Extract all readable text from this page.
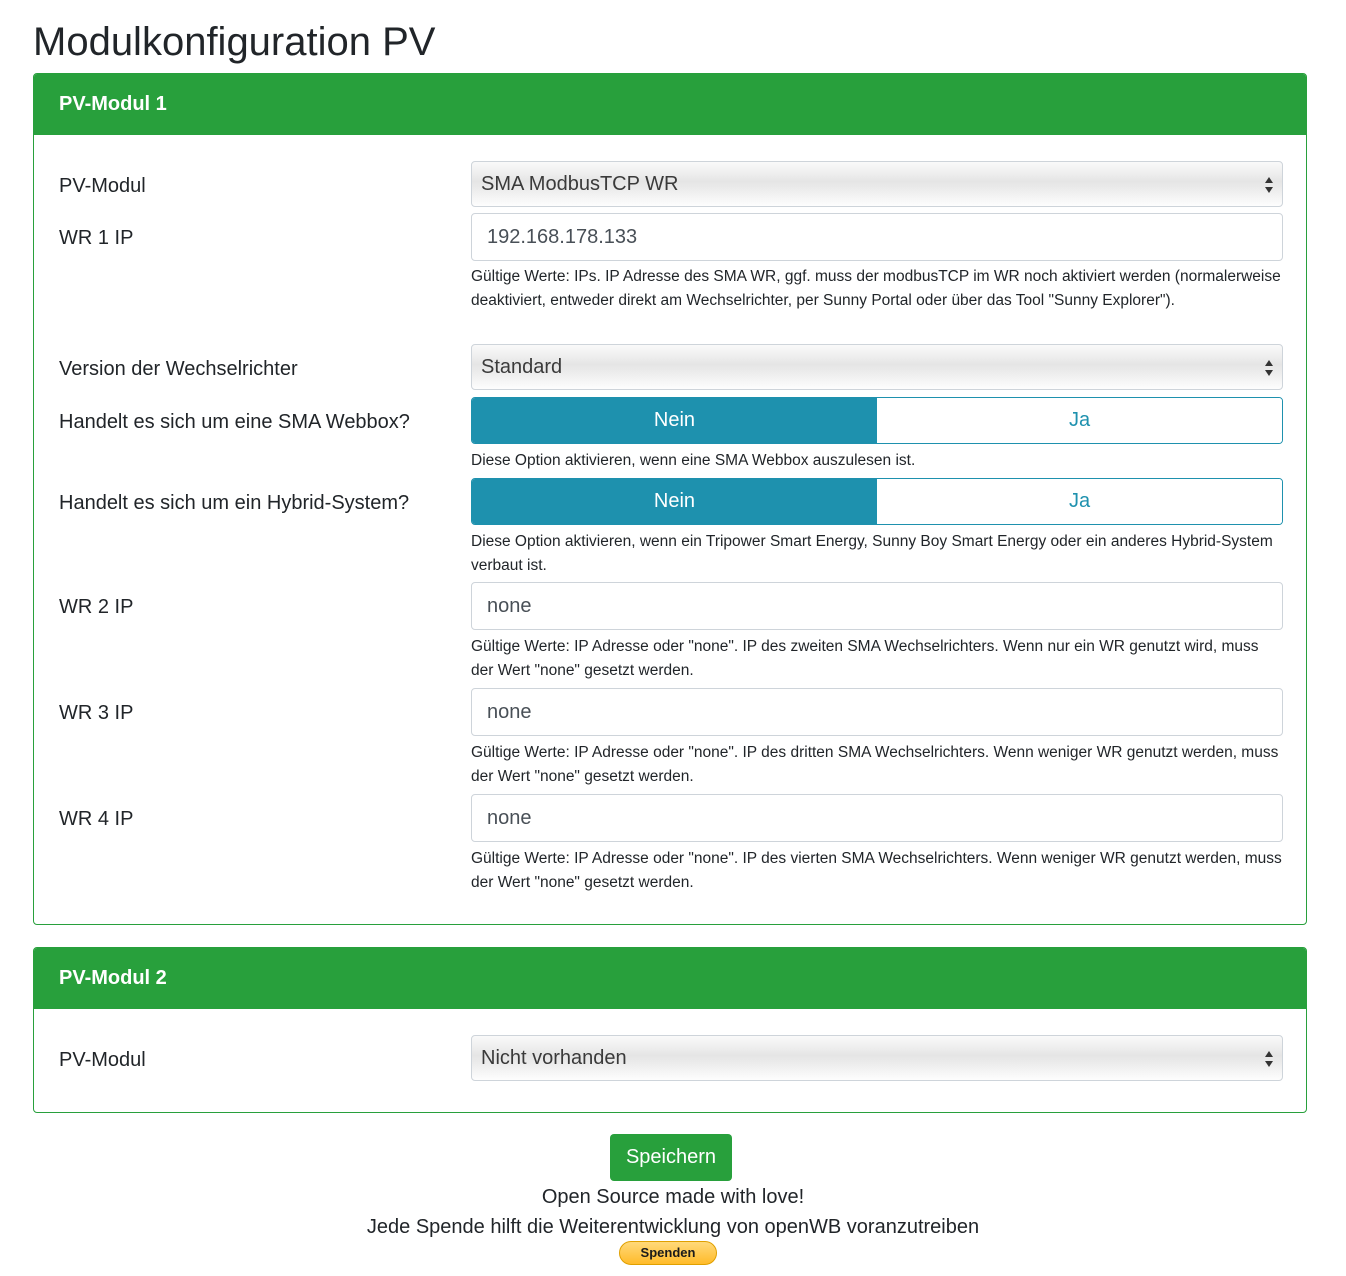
Modulkonfiguration PV
PV-Modul 1
PV-Modul	SMA ModbusTCP WR
WR 1 IP	192.168.178.133
Gültige Werte: IPs. IP Adresse des SMA WR, ggf. muss der modbusTCP im WR noch aktiviert werden (normalerweise deaktiviert, entweder direkt am Wechselrichter, per Sunny Portal oder über das Tool "Sunny Explorer").
Version der Wechselrichter	Standard
Handelt es sich um eine SMA Webbox?	Nein	Ja
Diese Option aktivieren, wenn eine SMA Webbox auszulesen ist.
Handelt es sich um ein Hybrid-System?	Nein	Ja
Diese Option aktivieren, wenn ein Tripower Smart Energy, Sunny Boy Smart Energy oder ein anderes Hybrid-System verbaut ist.
WR 2 IP	none
Gültige Werte: IP Adresse oder "none". IP des zweiten SMA Wechselrichters. Wenn nur ein WR genutzt wird, muss der Wert "none" gesetzt werden.
WR 3 IP	none
Gültige Werte: IP Adresse oder "none". IP des dritten SMA Wechselrichters. Wenn weniger WR genutzt werden, muss der Wert "none" gesetzt werden.
WR 4 IP	none
Gültige Werte: IP Adresse oder "none". IP des vierten SMA Wechselrichters. Wenn weniger WR genutzt werden, muss der Wert "none" gesetzt werden.
PV-Modul 2
PV-Modul	Nicht vorhanden
Speichern
Open Source made with love!
Jede Spende hilft die Weiterentwicklung von openWB voranzutreiben
Spenden
